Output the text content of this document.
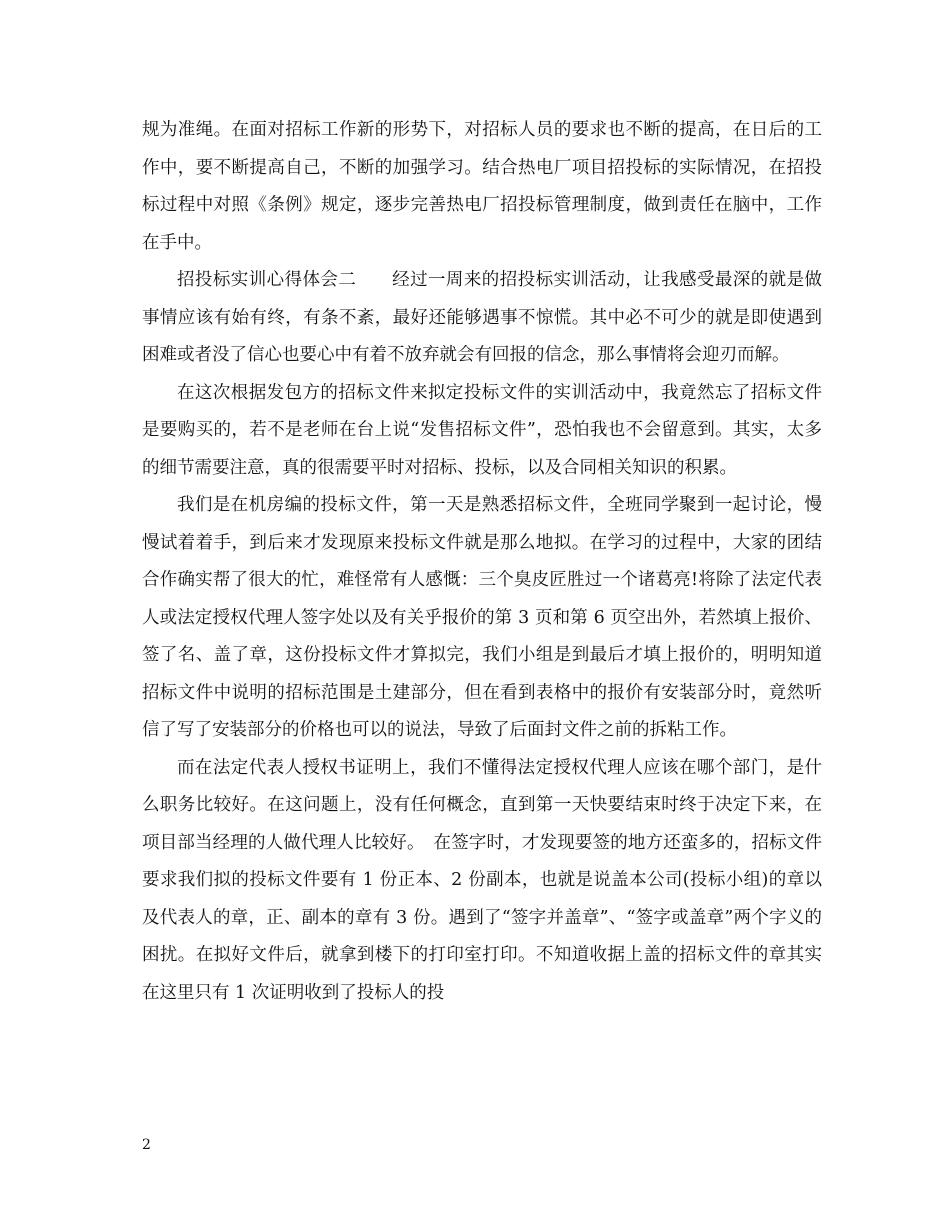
规为准绳。在面对招标工作新的形势下，对招标人员的要求也不断的提高，在日后的工作中，要不断提高自己，不断的加强学习。结合热电厂项目招投标的实际情况，在招投标过程中对照《条例》规定，逐步完善热电厂招投标管理制度，做到责任在脑中，工作在手中。

招投标实训心得体会二　　经过一周来的招投标实训活动，让我感受最深的就是做事情应该有始有终，有条不紊，最好还能够遇事不惊慌。其中必不可少的就是即使遇到困难或者没了信心也要心中有着不放弃就会有回报的信念，那么事情将会迎刃而解。

在这次根据发包方的招标文件来拟定投标文件的实训活动中，我竟然忘了招标文件是要购买的，若不是老师在台上说“发售招标文件”，恐怕我也不会留意到。其实，太多的细节需要注意，真的很需要平时对招标、投标，以及合同相关知识的积累。

我们是在机房编的投标文件，第一天是熟悉招标文件，全班同学聚到一起讨论，慢慢试着着手，到后来才发现原来投标文件就是那么地拟。在学习的过程中，大家的团结合作确实帮了很大的忙，难怪常有人感慨：三个臭皮匠胜过一个诸葛亮!将除了法定代表人或法定授权代理人签字处以及有关乎报价的第 3 页和第 6 页空出外，若然填上报价、签了名、盖了章，这份投标文件才算拟完，我们小组是到最后才填上报价的，明明知道招标文件中说明的招标范围是土建部分，但在看到表格中的报价有安装部分时，竟然听信了写了安装部分的价格也可以的说法，导致了后面封文件之前的拆粘工作。

而在法定代表人授权书证明上，我们不懂得法定授权代理人应该在哪个部门，是什么职务比较好。在这问题上，没有任何概念，直到第一天快要结束时终于决定下来，在项目部当经理的人做代理人比较好。　在签字时，才发现要签的地方还蛮多的，招标文件要求我们拟的投标文件要有 1 份正本、2 份副本，也就是说盖本公司(投标小组)的章以及代表人的章，正、副本的章有 3 份。遇到了“签字并盖章”、“签字或盖章”两个字义的困扰。在拟好文件后，就拿到楼下的打印室打印。不知道收据上盖的招标文件的章其实在这里只有 1 次证明收到了投标人的投

2
